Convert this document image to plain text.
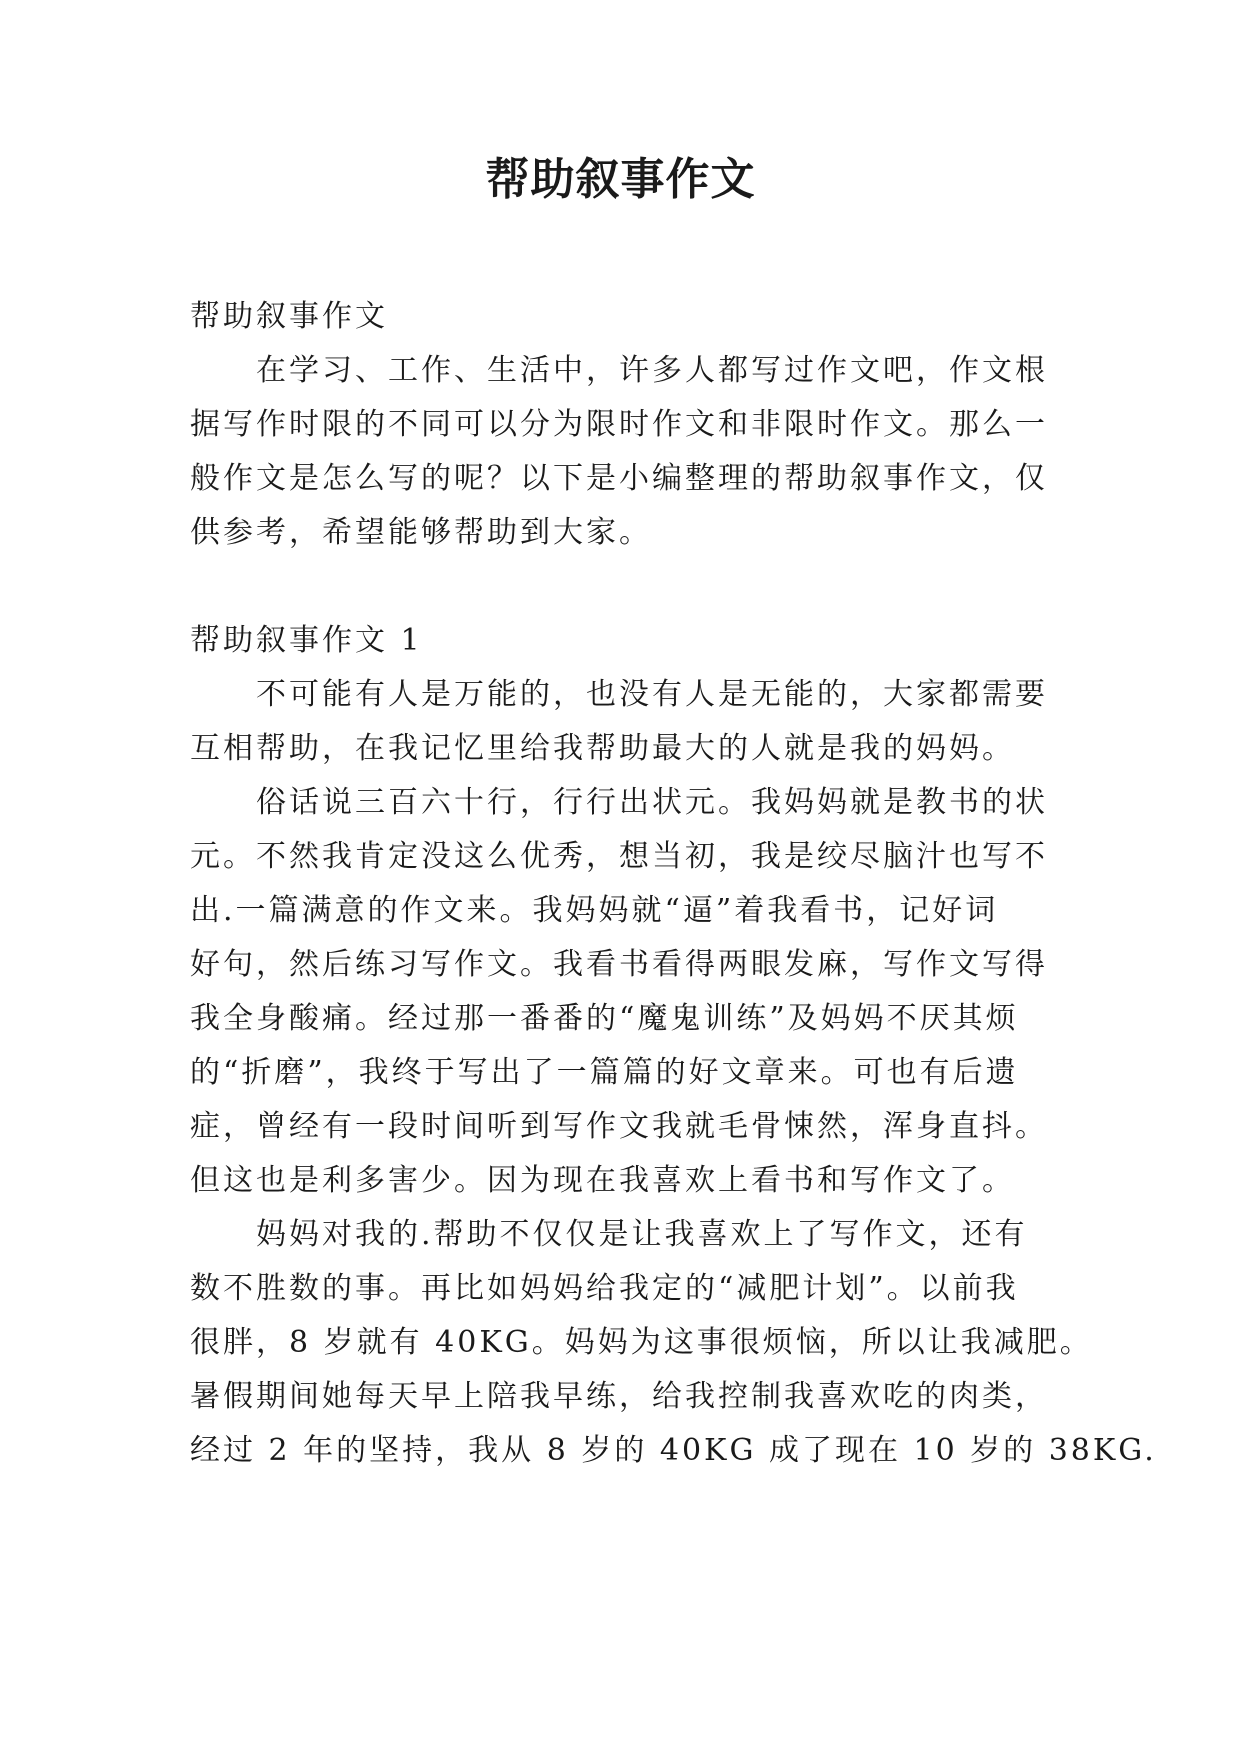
帮助叙事作文
帮助叙事作文
在学习、工作、生活中，许多人都写过作文吧，作文根
据写作时限的不同可以分为限时作文和非限时作文。那么一
般作文是怎么写的呢？以下是小编整理的帮助叙事作文，仅
供参考，希望能够帮助到大家。
帮助叙事作文 1
不可能有人是万能的，也没有人是无能的，大家都需要
互相帮助，在我记忆里给我帮助最大的人就是我的妈妈。
俗话说三百六十行，行行出状元。我妈妈就是教书的状
元。不然我肯定没这么优秀，想当初，我是绞尽脑汁也写不
出.一篇满意的作文来。我妈妈就“逼”着我看书，记好词
好句，然后练习写作文。我看书看得两眼发麻，写作文写得
我全身酸痛。经过那一番番的“魔鬼训练”及妈妈不厌其烦
的“折磨”，我终于写出了一篇篇的好文章来。可也有后遗
症，曾经有一段时间听到写作文我就毛骨悚然，浑身直抖。
但这也是利多害少。因为现在我喜欢上看书和写作文了。
妈妈对我的.帮助不仅仅是让我喜欢上了写作文，还有
数不胜数的事。再比如妈妈给我定的“减肥计划”。以前我
很胖，8 岁就有 40KG。妈妈为这事很烦恼，所以让我减肥。
暑假期间她每天早上陪我早练，给我控制我喜欢吃的肉类，
经过 2 年的坚持，我从 8 岁的 40KG 成了现在 10 岁的 38KG.
